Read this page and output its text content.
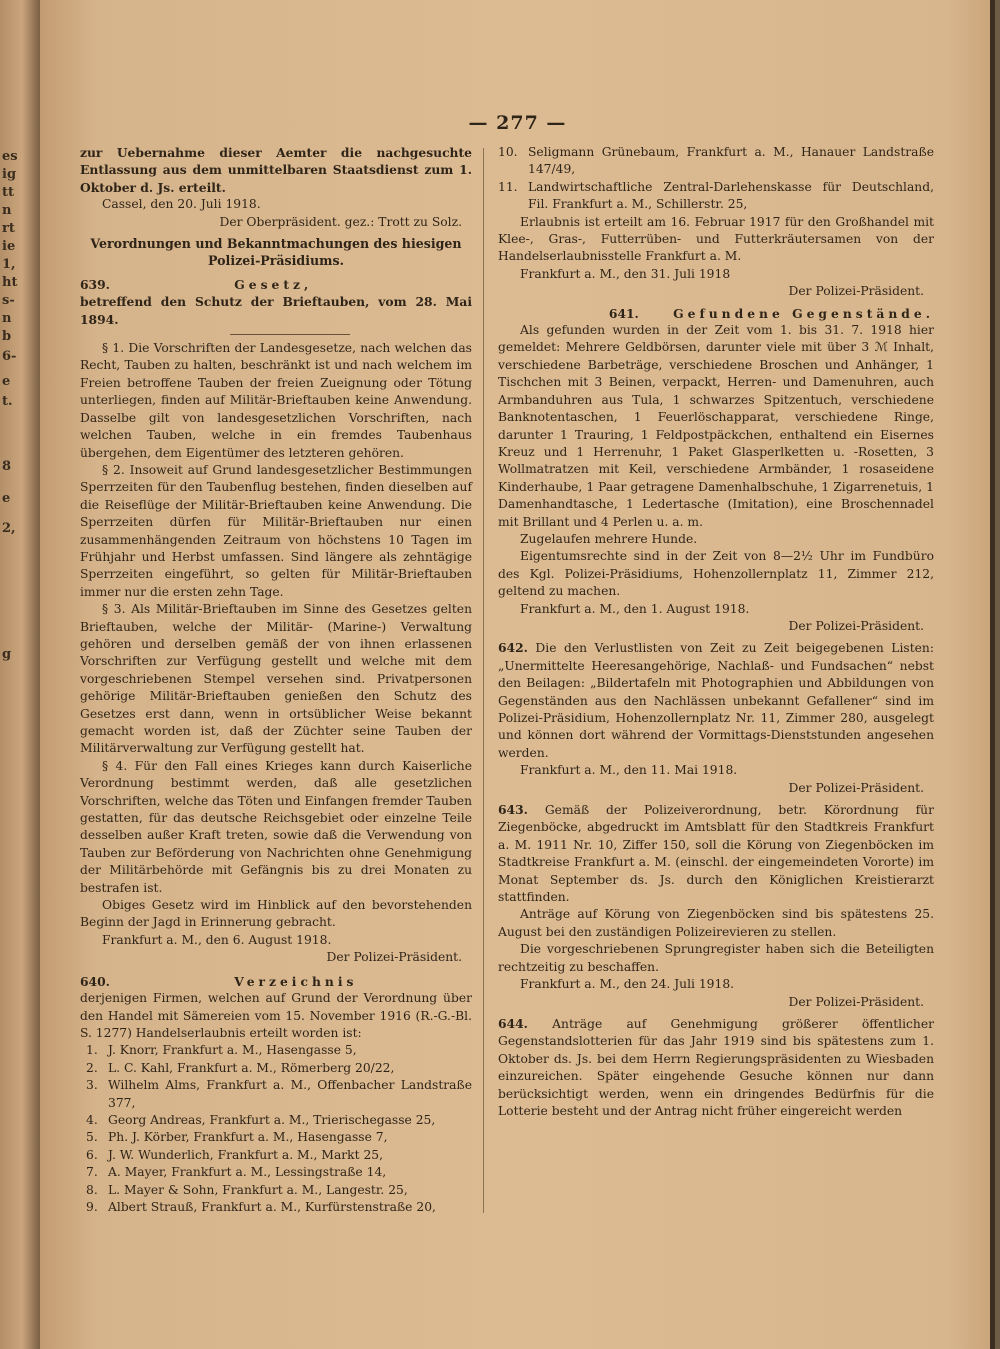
es
ig
tt
n
rt
ie
1,
ht
s-
n
b
6-
e
t.
8
e
2,
g
— 277 —

zur Uebernahme dieser Aemter die nachgesuchte Entlassung aus dem unmittelbaren Staatsdienst zum 1. Oktober d. Js. erteilt.

Cassel, den 20. Juli 1918.

Der Oberpräsident. gez.: Trott zu Solz.

Verordnungen und Bekanntmachungen des hiesigen Polizei-Präsidiums.

639.	Gesetz,

betreffend den Schutz der Brieftauben, vom 28. Mai 1894.

§ 1. Die Vorschriften der Landesgesetze, nach welchen das Recht, Tauben zu halten, beschränkt ist und nach welchem im Freien betroffene Tauben der freien Zueignung oder Tötung unterliegen, finden auf Militär-Brieftauben keine Anwendung. Dasselbe gilt von landesgesetzlichen Vorschriften, nach welchen Tauben, welche in ein fremdes Taubenhaus übergehen, dem Eigentümer des letzteren gehören.

§ 2. Insoweit auf Grund landesgesetzlicher Bestimmungen Sperrzeiten für den Taubenflug bestehen, finden dieselben auf die Reiseflüge der Militär-Brieftauben keine Anwendung. Die Sperrzeiten dürfen für Militär-Brieftauben nur einen zusammenhängenden Zeitraum von höchstens 10 Tagen im Frühjahr und Herbst umfassen. Sind längere als zehntägige Sperrzeiten eingeführt, so gelten für Militär-Brieftauben immer nur die ersten zehn Tage.

§ 3. Als Militär-Brieftauben im Sinne des Gesetzes gelten Brieftauben, welche der Militär- (Marine-) Verwaltung gehören und derselben gemäß der von ihnen erlassenen Vorschriften zur Verfügung gestellt und welche mit dem vorgeschriebenen Stempel versehen sind. Privatpersonen gehörige Militär-Brieftauben genießen den Schutz des Gesetzes erst dann, wenn in ortsüblicher Weise bekannt gemacht worden ist, daß der Züchter seine Tauben der Militärverwaltung zur Verfügung gestellt hat.

§ 4. Für den Fall eines Krieges kann durch Kaiserliche Verordnung bestimmt werden, daß alle gesetzlichen Vorschriften, welche das Töten und Einfangen fremder Tauben gestatten, für das deutsche Reichsgebiet oder einzelne Teile desselben außer Kraft treten, sowie daß die Verwendung von Tauben zur Beförderung von Nachrichten ohne Genehmigung der Militärbehörde mit Gefängnis bis zu drei Monaten zu bestrafen ist.

Obiges Gesetz wird im Hinblick auf den bevorstehenden Beginn der Jagd in Erinnerung gebracht.

Frankfurt a. M., den 6. August 1918.

Der Polizei-Präsident.

640.	Verzeichnis

derjenigen Firmen, welchen auf Grund der Verordnung über den Handel mit Sämereien vom 15. November 1916 (R.-G.-Bl. S. 1277) Handelserlaubnis erteilt worden ist:

1. J. Knorr, Frankfurt a. M., Hasengasse 5,

2. L. C. Kahl, Frankfurt a. M., Römerberg 20/22,

3. Wilhelm Alms, Frankfurt a. M., Offenbacher Landstraße 377,

4. Georg Andreas, Frankfurt a. M., Trierischegasse 25,

5. Ph. J. Körber, Frankfurt a. M., Hasengasse 7,

6. J. W. Wunderlich, Frankfurt a. M., Markt 25,

7. A. Mayer, Frankfurt a. M., Lessingstraße 14,

8. L. Mayer & Sohn, Frankfurt a. M., Langestr. 25,

9. Albert Strauß, Frankfurt a. M., Kurfürstenstraße 20,

10. Seligmann Grünebaum, Frankfurt a. M., Hanauer Landstraße 147/49,

11. Landwirtschaftliche Zentral-Darlehenskasse für Deutschland, Fil. Frankfurt a. M., Schillerstr. 25,

Erlaubnis ist erteilt am 16. Februar 1917 für den Großhandel mit Klee-, Gras-, Futterrüben- und Futterkräutersamen von der Handelserlaubnisstelle Frankfurt a. M.

Frankfurt a. M., den 31. Juli 1918

Der Polizei-Präsident.

641.	Gefundene Gegenstände.

Als gefunden wurden in der Zeit vom 1. bis 31. 7. 1918 hier gemeldet: Mehrere Geldbörsen, darunter viele mit über 3 ℳ Inhalt, verschiedene Barbeträge, verschiedene Broschen und Anhänger, 1 Tischchen mit 3 Beinen, verpackt, Herren- und Damenuhren, auch Armbanduhren aus Tula, 1 schwarzes Spitzentuch, verschiedene Banknotentaschen, 1 Feuerlöschapparat, verschiedene Ringe, darunter 1 Trauring, 1 Feldpostpäckchen, enthaltend ein Eisernes Kreuz und 1 Herrenuhr, 1 Paket Glasperlketten u. -Rosetten, 3 Wollmatratzen mit Keil, verschiedene Armbänder, 1 rosaseidene Kinderhaube, 1 Paar getragene Damenhalbschuhe, 1 Zigarrenetuis, 1 Damenhandtasche, 1 Ledertasche (Imitation), eine Broschennadel mit Brillant und 4 Perlen u. a. m.

Zugelaufen mehrere Hunde.

Eigentumsrechte sind in der Zeit von 8—2½ Uhr im Fundbüro des Kgl. Polizei-Präsidiums, Hohenzollernplatz 11, Zimmer 212, geltend zu machen.

Frankfurt a. M., den 1. August 1918.

Der Polizei-Präsident.

642. Die den Verlustlisten von Zeit zu Zeit beigegebenen Listen: „Unermittelte Heeresangehörige, Nachlaß- und Fundsachen“ nebst den Beilagen: „Bildertafeln mit Photographien und Abbildungen von Gegenständen aus den Nachlässen unbekannt Gefallener“ sind im Polizei-Präsidium, Hohenzollernplatz Nr. 11, Zimmer 280, ausgelegt und können dort während der Vormittags-Dienststunden angesehen werden.

Frankfurt a. M., den 11. Mai 1918.

Der Polizei-Präsident.

643. Gemäß der Polizeiverordnung, betr. Körordnung für Ziegenböcke, abgedruckt im Amtsblatt für den Stadtkreis Frankfurt a. M. 1911 Nr. 10, Ziffer 150, soll die Körung von Ziegenböcken im Stadtkreise Frankfurt a. M. (einschl. der eingemeindeten Vororte) im Monat September ds. Js. durch den Königlichen Kreistierarzt stattfinden.

Anträge auf Körung von Ziegenböcken sind bis spätestens 25. August bei den zuständigen Polizeirevieren zu stellen.

Die vorgeschriebenen Sprungregister haben sich die Beteiligten rechtzeitig zu beschaffen.

Frankfurt a. M., den 24. Juli 1918.

Der Polizei-Präsident.

644. Anträge auf Genehmigung größerer öffentlicher Gegenstandslotterien für das Jahr 1919 sind bis spätestens zum 1. Oktober ds. Js. bei dem Herrn Regierungspräsidenten zu Wiesbaden einzureichen. Später eingehende Gesuche können nur dann berücksichtigt werden, wenn ein dringendes Bedürfnis für die Lotterie besteht und der Antrag nicht früher eingereicht werden
